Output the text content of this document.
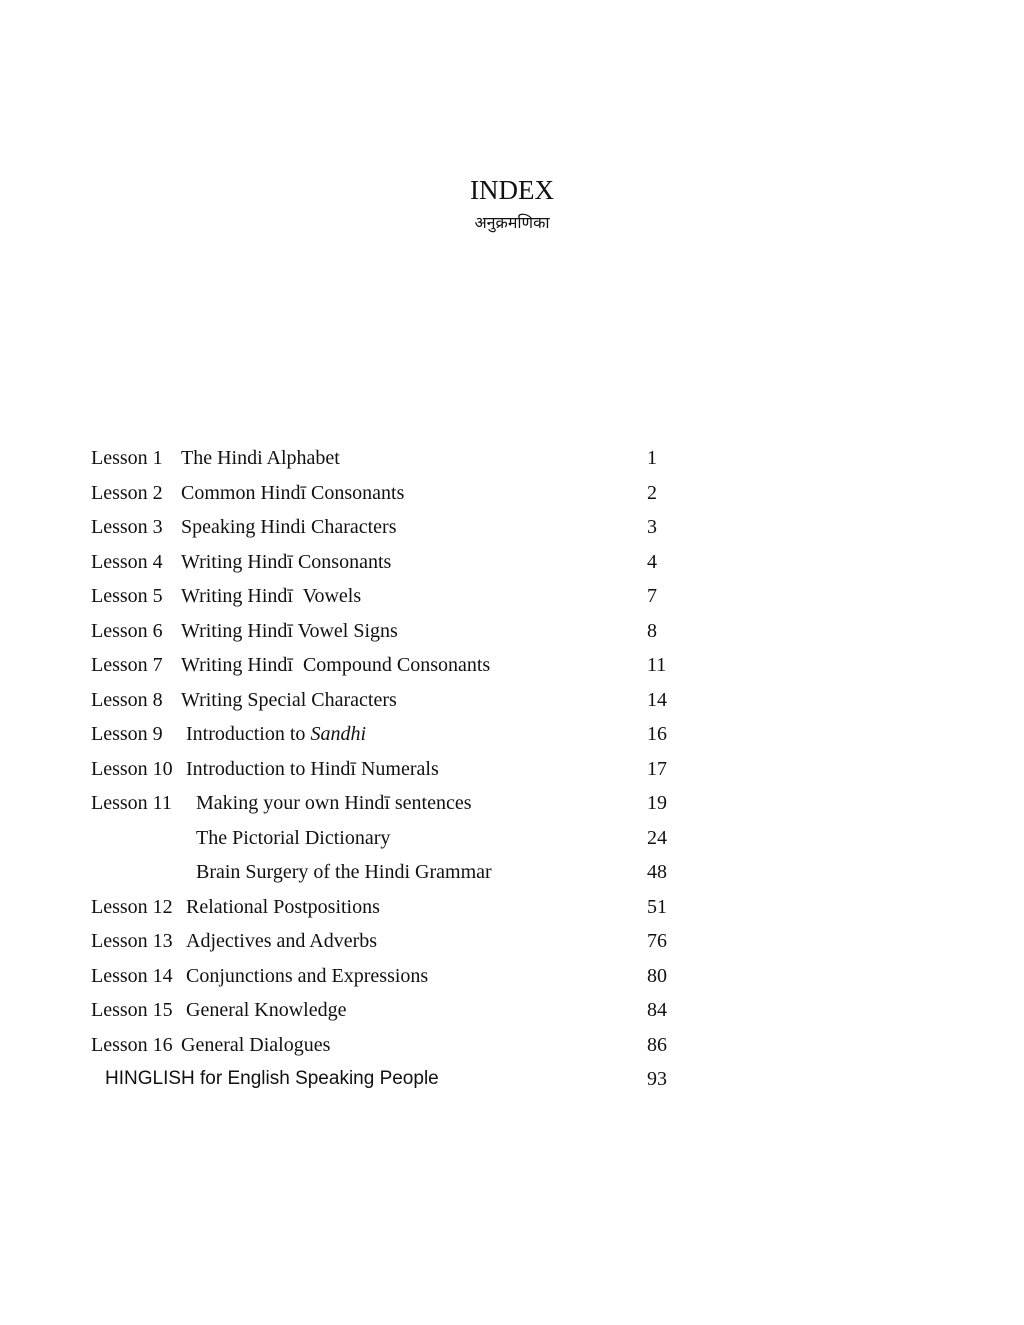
INDEX
अनुक्रमणिका
Lesson 1 The Hindi Alphabet	1
Lesson 2 Common Hindī Consonants	2
Lesson 3 Speaking Hindi Characters	3
Lesson 4 Writing Hindī Consonants	4
Lesson 5 Writing Hindī  Vowels	7
Lesson 6 Writing Hindī Vowel Signs	8
Lesson 7 Writing Hindī  Compound Consonants	11
Lesson 8 Writing Special Characters	14
Lesson 9 Introduction to Sandhi	16
Lesson 10 Introduction to Hindī Numerals	17
Lesson 11 Making your own Hindī sentences	19
The Pictorial Dictionary	24
Brain Surgery of the Hindi Grammar	48
Lesson 12 Relational Postpositions	51
Lesson 13 Adjectives and Adverbs	76
Lesson 14 Conjunctions and Expressions	80
Lesson 15 General Knowledge	84
Lesson 16 General Dialogues	86
HINGLISH for English Speaking People	93
